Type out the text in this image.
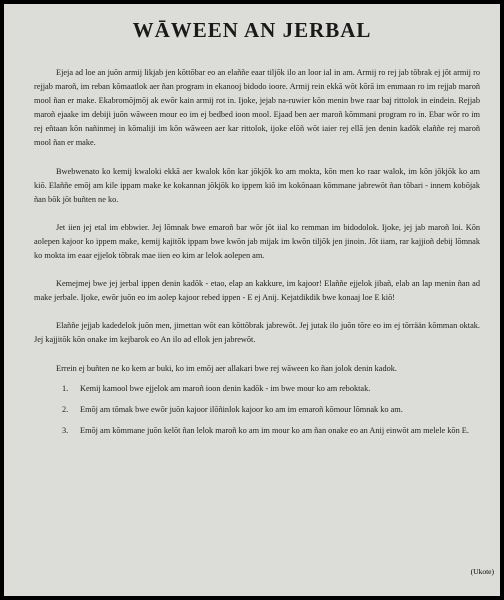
WĀWEEN AN JERBAL

Ejeja ad loe an juōn armij likjab jen kōttōbar eo an elaññe eaar tiljōk ilo an loor ial in am. Armij ro rej jab tōbrak ej jōt armij ro rejjab maroñ, im reban kōmaatlok aer ñan program in ekanooj bidodo ioore. Armij rein ekkā wōt kōrā im emmaan ro im rejjab maroñ mool ñan er make. Ekabromōjmōj ak ewōr kain armij rot in. Ijoke, jejab na-ruwier kōn menin bwe raar baj rittolok in eindein. Rejjab maroñ ejaake im debiji juōn wāween mour eo im ej bedbed ioon mool. Ejaad ben aer maroñ kōmmani program ro in. Ebar wōr ro im rej eñtaan kōn nañinmej in kōmaliji im kōn wāween aer kar rittolok, ijoke elōñ wōt iaier rej ellā jen denin kadōk elaññe rej maroñ mool ñan er make.

Bwebwenato ko kemij kwaloki ekkā aer kwalok kōn kar jōkjōk ko am mokta, kōn men ko raar walok, im kōn jōkjōk ko am kiō. Elaññe emōj am kile ippam make ke kokannan jōkjōk ko ippem kiō im kokōnaan kōmmane jabrewōt ñan tōbari - innem kobōjak ñan bōk jōt buñten ne ko.

Jet iien jej etal im ebbwier. Jej lōmnak bwe emaroñ bar wōr jōt iial ko remman im bidodolok. Ijoke, jej jab maroñ loi. Kōn aolepen kajoor ko ippem make, kemij kajitōk ippam bwe kwōn jab mijak im kwōn tiljōk jen jinoin. Jōt iiam, rar kajjioñ debij lōmnak ko mokta im eaar ejjelok tōbrak mae iien eo kim ar lelok aolepen am.

Kemejmej bwe jej jerbal ippen denin kadōk - etao, elap an kakkure, im kajoor! Elaññe ejjelok jibañ, elab an lap menin ñan ad make jerbale. Ijoke, ewōr juōn eo im aolep kajoor rebed ippen - E ej Anij. Kejatdikdik bwe konaaj loe E kiō!

Elaññe jejjab kadedelok juōn men, jimettan wōt ean kōttōbrak jabrewōt. Jej jutak ilo juōn tōre eo im ej tōrrään kōmman oktak. Jej kajjitōk kōn onake im kejbarok eo An ilo ad ellok jen jabrewōt.

Errein ej buñten ne ko kem ar buki, ko im emōj aer allakari bwe rej wāween ko ñan jolok denin kadok.

1. Kemij kamool bwe ejjelok am maroñ ioon denin kadōk - im bwe mour ko am reboktak.
2. Emōj am tōmak bwe ewōr juōn kajoor ilōñinlok kajoor ko am im emaroñ kōmour lōmnak ko am.
3. Emōj am kōmmane juōn kelōt ñan lelok maroñ ko am im mour ko am ñan onake eo an Anij einwōt am melele kōn E.
(Ukote)
